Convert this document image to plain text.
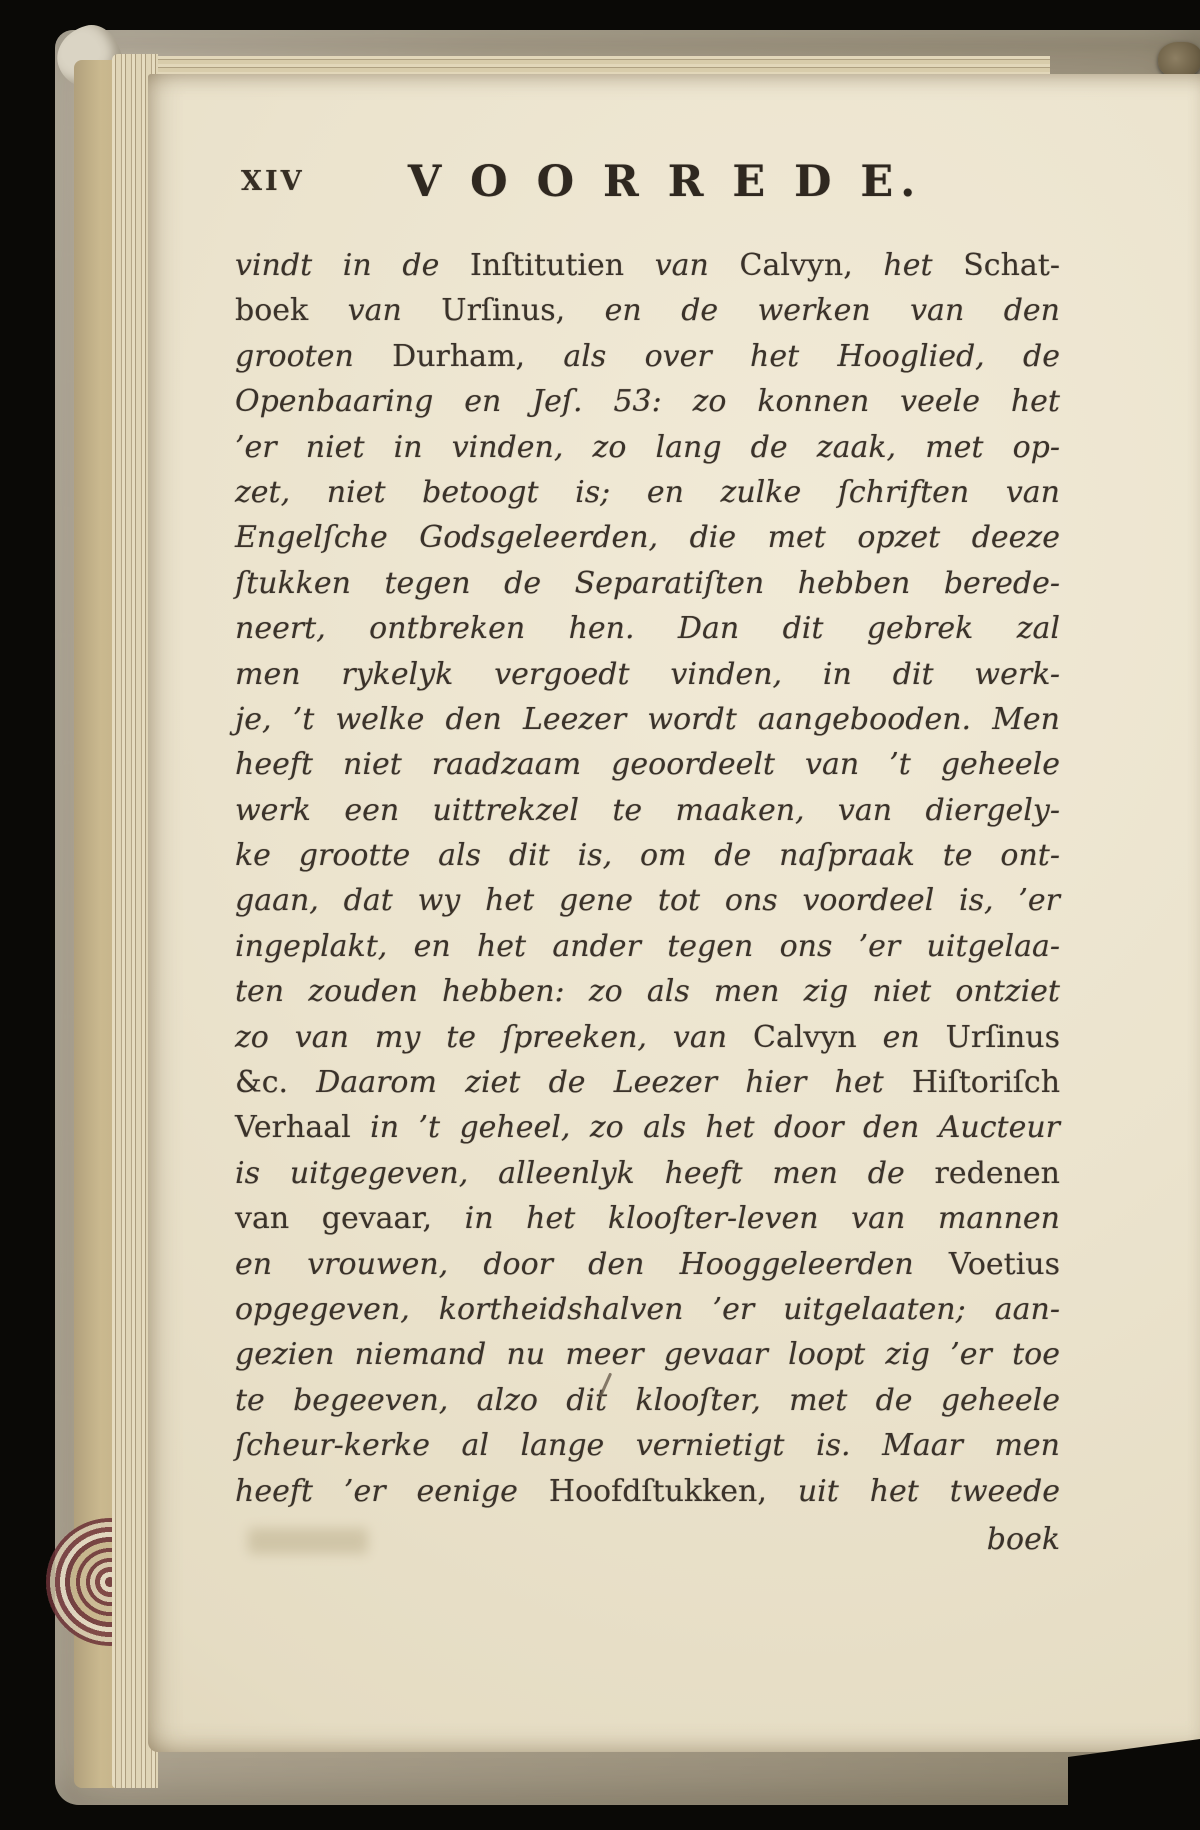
XIV	V O O R R E D E.
vindt in de Inſtitutien van Calvyn, het Schat-
boek van Urſinus, en de werken van den
grooten Durham, als over het Hooglied, de
Openbaaring en Jeſ. 53: zo konnen veele het
’er niet in vinden, zo lang de zaak, met op-
zet, niet betoogt is; en zulke ſchriften van
Engelſche Godsgeleerden, die met opzet deeze
ſtukken tegen de Separatiſten hebben berede-
neert, ontbreken hen. Dan dit gebrek zal
men rykelyk vergoedt vinden, in dit werk-
je, ’t welke den Leezer wordt aangebooden. Men
heeft niet raadzaam geoordeelt van ’t geheele
werk een uittrekzel te maaken, van diergely-
ke grootte als dit is, om de naſpraak te ont-
gaan, dat wy het gene tot ons voordeel is, ’er
ingeplakt, en het ander tegen ons ’er uitgelaa-
ten zouden hebben: zo als men zig niet ontziet
zo van my te ſpreeken, van Calvyn en Urſinus
&c. Daarom ziet de Leezer hier het Hiſtoriſch
Verhaal in ’t geheel, zo als het door den Aucteur
is uitgegeven, alleenlyk heeft men de redenen
van gevaar, in het klooſter-leven van mannen
en vrouwen, door den Hooggeleerden Voetius
opgegeven, kortheidshalven ’er uitgelaaten; aan-
gezien niemand nu meer gevaar loopt zig ’er toe
te begeeven, alzo dit klooſter, met de geheele
ſcheur-kerke al lange vernietigt is. Maar men
heeft ’er eenige Hoofdſtukken, uit het tweede
boek
